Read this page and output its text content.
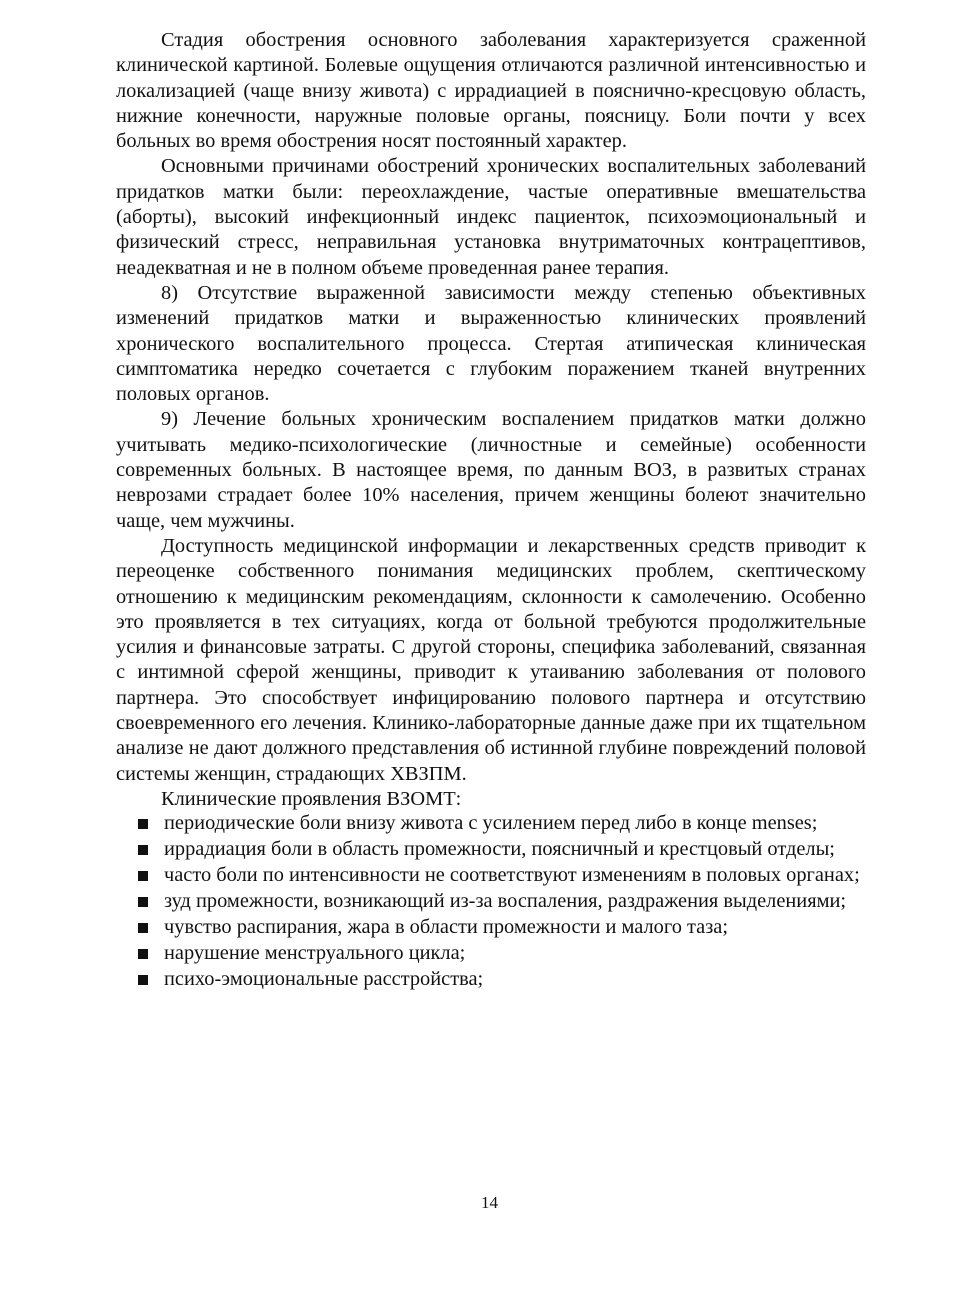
Стадия обострения основного заболевания характеризуется сраженной клинической картиной. Болевые ощущения отличаются различной интенсивностью и локализацией (чаще внизу живота) с иррадиацией в пояснично-кресцовую область, нижние конечности, наружные половые органы, поясницу. Боли почти у всех больных во время обострения носят постоянный характер.

Основными причинами обострений хронических воспалительных заболеваний придатков матки были: переохлаждение, частые оперативные вмешательства (аборты), высокий инфекционный индекс пациенток, психоэмоциональный и физический стресс, неправильная установка внутриматочных контрацептивов, неадекватная и не в полном объеме проведенная ранее терапия.

8) Отсутствие выраженной зависимости между степенью объективных изменений придатков матки и выраженностью клинических проявлений хронического воспалительного процесса. Стертая атипическая клиническая симптоматика нередко сочетается с глубоким поражением тканей внутренних половых органов.

9) Лечение больных хроническим воспалением придатков матки должно учитывать медико-психологические (личностные и семейные) особенности современных больных. В настоящее время, по данным ВОЗ, в развитых странах неврозами страдает более 10% населения, причем женщины болеют значительно чаще, чем мужчины.

Доступность медицинской информации и лекарственных средств приводит к переоценке собственного понимания медицинских проблем, скептическому отношению к медицинским рекомендациям, склонности к самолечению. Особенно это проявляется в тех ситуациях, когда от больной требуются продолжительные усилия и финансовые затраты. С другой стороны, специфика заболеваний, связанная с интимной сферой женщины, приводит к утаиванию заболевания от полового партнера. Это способствует инфицированию полового партнера и отсутствию своевременного его лечения. Клинико-лабораторные данные даже при их тщательном анализе не дают должного представления об истинной глубине повреждений половой системы женщин, страдающих ХВЗПМ.

Клинические проявления ВЗОМТ:

периодические боли внизу живота с усилением перед либо в конце menses;
иррадиация боли в область промежности, поясничный и крестцовый отделы;
часто боли по интенсивности не соответствуют изменениям в половых органах;
зуд промежности, возникающий из-за воспаления, раздражения выделениями;
чувство распирания, жара в области промежности и малого таза;
нарушение менструального цикла;
психо-эмоциональные расстройства;
14
